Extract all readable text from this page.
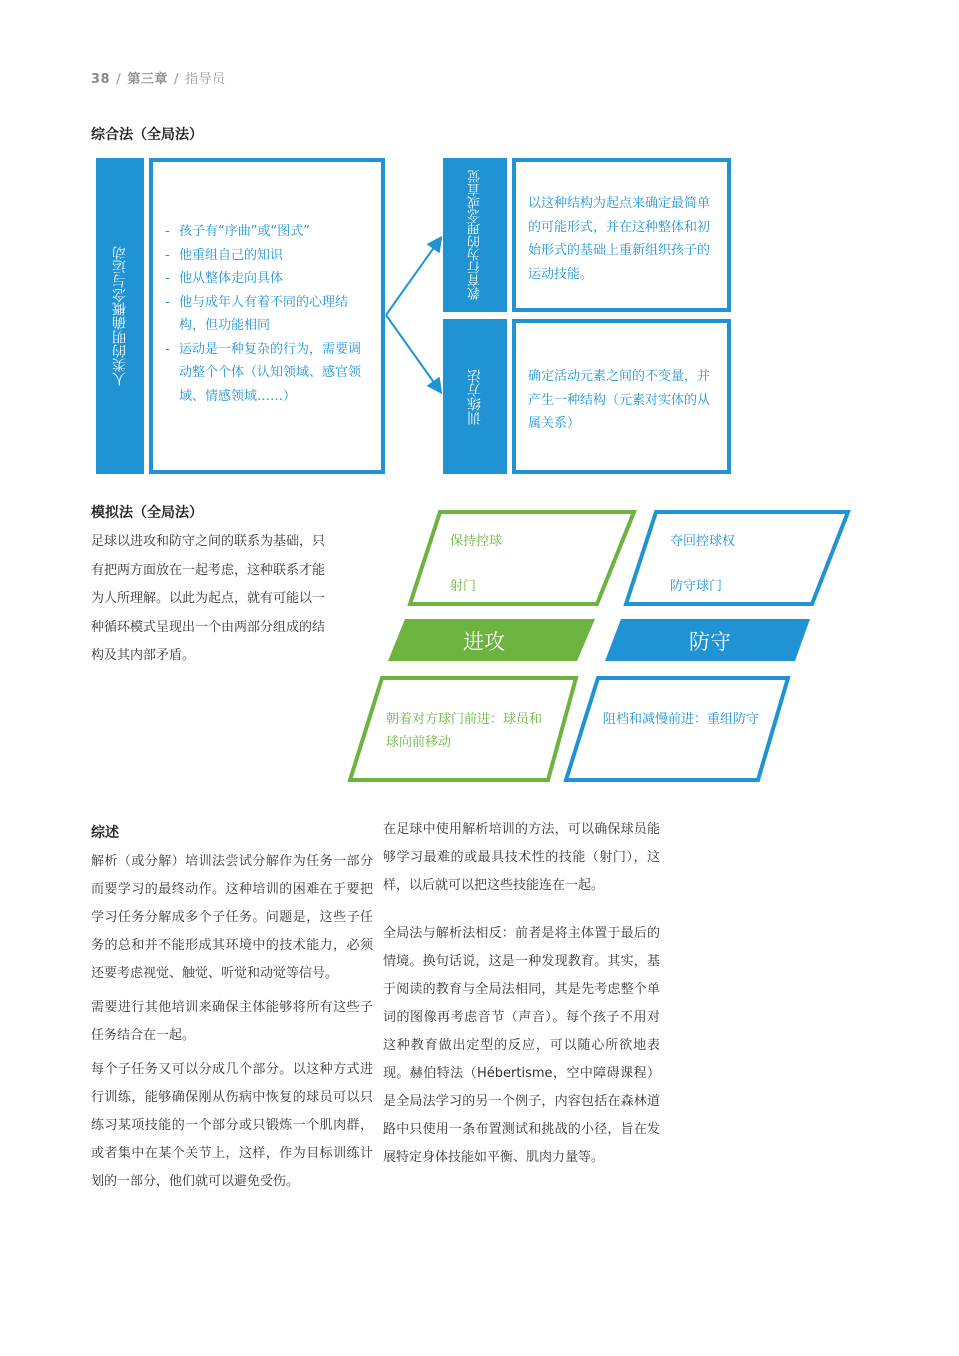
38 / 第三章 / 指导员
综合法（全局法）
人类的明确概念与运动
- 孩子有“序曲”或“图式”
- 他重组自己的知识
- 他从整体走向具体
- 他与成年人有着不同的心理结构，但功能相同
- 运动是一种复杂的行为，需要调动整个个体（认知领域、感官领域、情感领域……）
教育行为的理念或直觉	以这种结构为起点来确定最简单的可能形式，并在这种整体和初始形式的基础上重新组织孩子的运动技能。
训练方法	确定活动元素之间的不变量，并产生一种结构（元素对实体的从属关系）
模拟法（全局法）
足球以进攻和防守之间的联系为基础，只有把两方面放在一起考虑，这种联系才能为人所理解。以此为起点，就有可能以一种循环模式呈现出一个由两部分组成的结构及其内部矛盾。
保持控球
射门
夺回控球权
防守球门
进攻	防守
朝着对方球门前进：球员和球向前移动
阻档和减慢前进：重组防守
综述

解析（或分解）培训法尝试分解作为任务一部分而要学习的最终动作。这种培训的困难在于要把学习任务分解成多个子任务。问题是，这些子任务的总和并不能形成其环境中的技术能力，必须还要考虑视觉、触觉、听觉和动觉等信号。

需要进行其他培训来确保主体能够将所有这些子任务结合在一起。

每个子任务又可以分成几个部分。以这种方式进行训练，能够确保刚从伤病中恢复的球员可以只练习某项技能的一个部分或只锻炼一个肌肉群，或者集中在某个关节上，这样，作为目标训练计划的一部分，他们就可以避免受伤。

在足球中使用解析培训的方法，可以确保球员能够学习最难的或最具技术性的技能（射门），这样，以后就可以把这些技能连在一起。

全局法与解析法相反：前者是将主体置于最后的情境。换句话说，这是一种发现教育。其实，基于阅读的教育与全局法相同，其是先考虑整个单词的图像再考虑音节（声音）。每个孩子不用对这种教育做出定型的反应，可以随心所欲地表现。赫伯特法（Hébertisme，空中障碍课程）是全局法学习的另一个例子，内容包括在森林道路中只使用一条布置测试和挑战的小径，旨在发展特定身体技能如平衡、肌肉力量等。
